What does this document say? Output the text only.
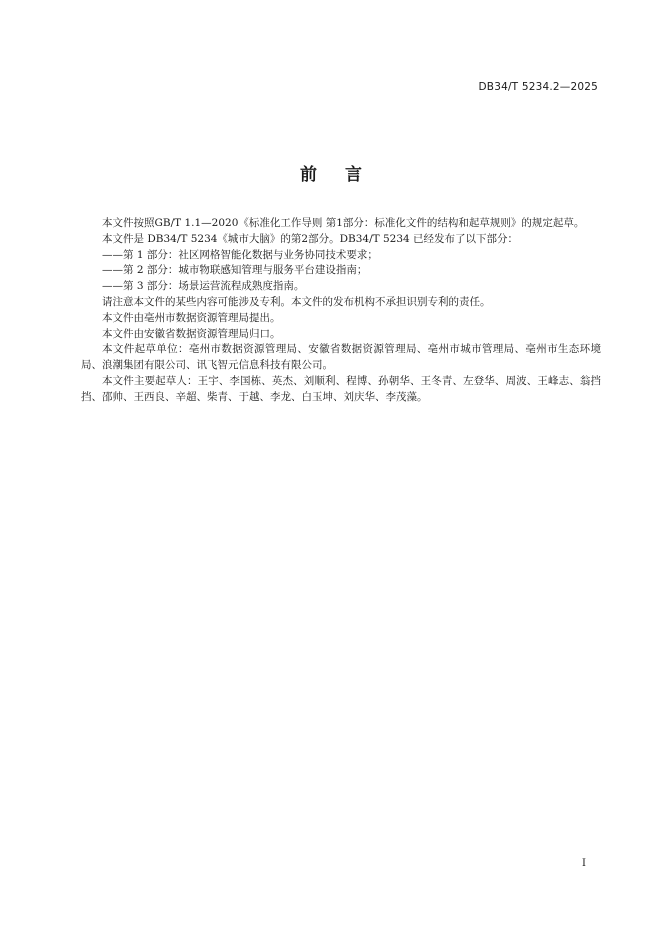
DB34/T 5234.2—2025
前言

本文件按照GB/T 1.1—2020《标准化工作导则 第1部分：标准化文件的结构和起草规则》的规定起草。

本文件是 DB34/T 5234《城市大脑》的第2部分。DB34/T 5234 已经发布了以下部分：

——第 1 部分：社区网格智能化数据与业务协同技术要求；

——第 2 部分：城市物联感知管理与服务平台建设指南；

——第 3 部分：场景运营流程成熟度指南。

请注意本文件的某些内容可能涉及专利。本文件的发布机构不承担识别专利的责任。

本文件由亳州市数据资源管理局提出。

本文件由安徽省数据资源管理局归口。

本文件起草单位：亳州市数据资源管理局、安徽省数据资源管理局、亳州市城市管理局、亳州市生态环境局、浪潮集团有限公司、讯飞智元信息科技有限公司。

本文件主要起草人：王宇、李国栋、英杰、刘顺利、程博、孙朝华、王冬青、左登华、周波、王峰志、翁挡挡、邵帅、王西良、辛超、柴青、于越、李龙、白玉坤、刘庆华、李茂藻。

I
